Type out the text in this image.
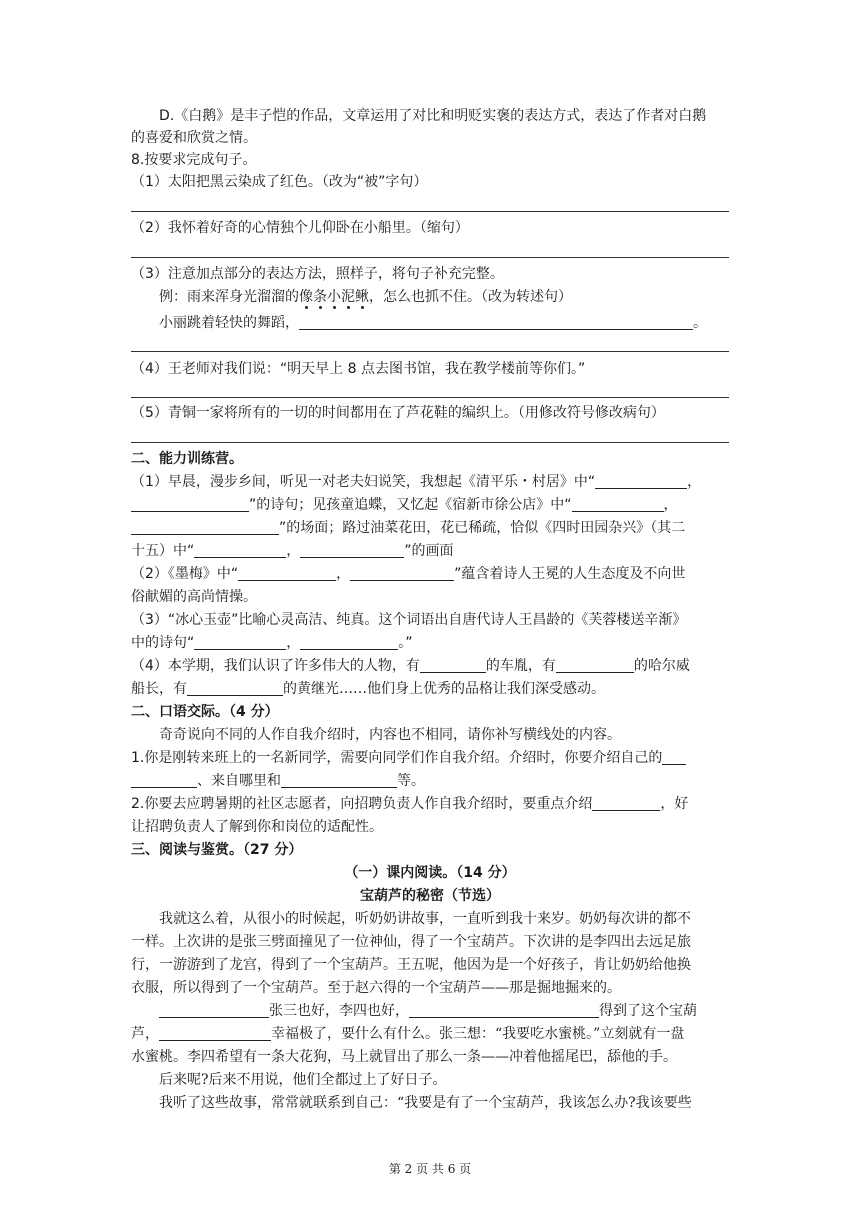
D.《白鹅》是丰子恺的作品，文章运用了对比和明贬实褒的表达方式，表达了作者对白鹅
的喜爱和欣赏之情。
8.按要求完成句子。
（1）太阳把黑云染成了红色。（改为“被”字句）
（2）我怀着好奇的心情独个儿仰卧在小船里。（缩句）
（3）注意加点部分的表达方法，照样子，将句子补充完整。
例：雨来浑身光溜溜的像条小泥鳅，怎么也抓不住。（改为转述句）
小丽跳着轻快的舞蹈，	。
（4）王老师对我们说：“明天早上 8 点去图书馆，我在教学楼前等你们。”
（5）青铜一家将所有的一切的时间都用在了芦花鞋的编织上。（用修改符号修改病句）
二、能力训练营。
（1）早晨，漫步乡间，听见一对老夫妇说笑，我想起《清平乐・村居》中“	，
”的诗句；见孩童追蝶，又忆起《宿新市徐公店》中“	，
”的场面；路过油菜花田，花已稀疏，恰似《四时田园杂兴》（其二
十五）中“	，	”的画面
（2）《墨梅》中“	，	”蕴含着诗人王冕的人生态度及不向世
俗献媚的高尚情操。
（3）“冰心玉壶”比喻心灵高洁、纯真。这个词语出自唐代诗人王昌龄的《芙蓉楼送辛渐》
中的诗句“	，	。”
（4）本学期，我们认识了许多伟大的人物，有	的车胤，有	的哈尔威
船长，有	的黄继光……他们身上优秀的品格让我们深受感动。
二、口语交际。（4 分）
奇奇说向不同的人作自我介绍时，内容也不相同，请你补写横线处的内容。
1.你是刚转来班上的一名新同学，需要向同学们作自我介绍。介绍时，你要介绍自己的
、来自哪里和	等。
2.你要去应聘暑期的社区志愿者，向招聘负责人作自我介绍时，要重点介绍	，好
让招聘负责人了解到你和岗位的适配性。
三、阅读与鉴赏。（27 分）
（一）课内阅读。（14 分）
宝葫芦的秘密（节选）
我就这么着，从很小的时候起，听奶奶讲故事，一直听到我十来岁。奶奶每次讲的都不
一样。上次讲的是张三劈面撞见了一位神仙，得了一个宝葫芦。下次讲的是李四出去远足旅
行，一游游到了龙宫，得到了一个宝葫芦。王五呢，他因为是一个好孩子，肯让奶奶给他换
衣服，所以得到了一个宝葫芦。至于赵六得的一个宝葫芦——那是掘地掘来的。
张三也好，李四也好，	得到了这个宝葫
芦，	幸福极了，要什么有什么。张三想：“我要吃水蜜桃。”立刻就有一盘
水蜜桃。李四希望有一条大花狗，马上就冒出了那么一条——冲着他摇尾巴，舔他的手。
后来呢?后来不用说，他们全都过上了好日子。
我听了这些故事，常常就联系到自己：“我要是有了一个宝葫芦，我该怎么办?我该要些
第 2 页 共 6 页
